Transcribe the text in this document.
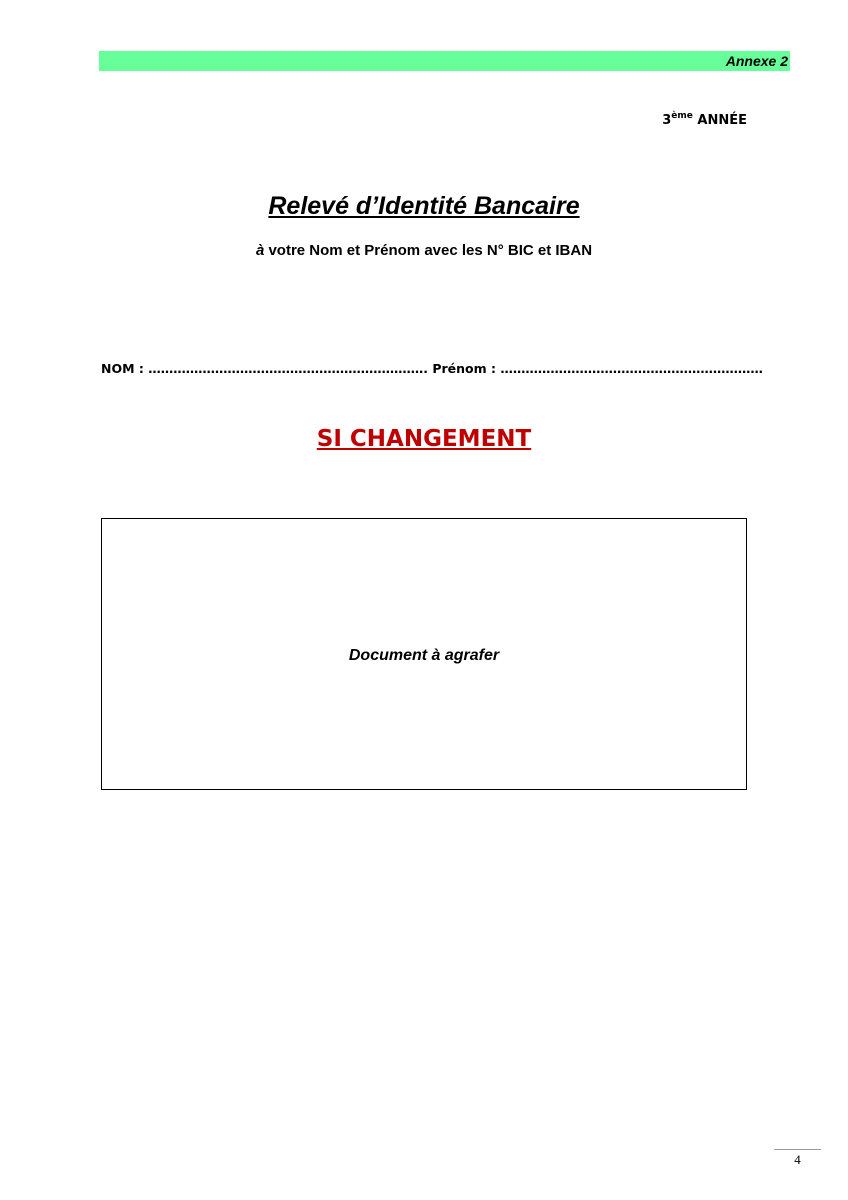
Annexe 2
3ème ANNÉE
Relevé d’Identité Bancaire
à votre Nom et Prénom avec les N° BIC et IBAN
NOM : …………………………………………………………. Prénom : ………………………………………………………
SI CHANGEMENT
Document à agrafer
4
